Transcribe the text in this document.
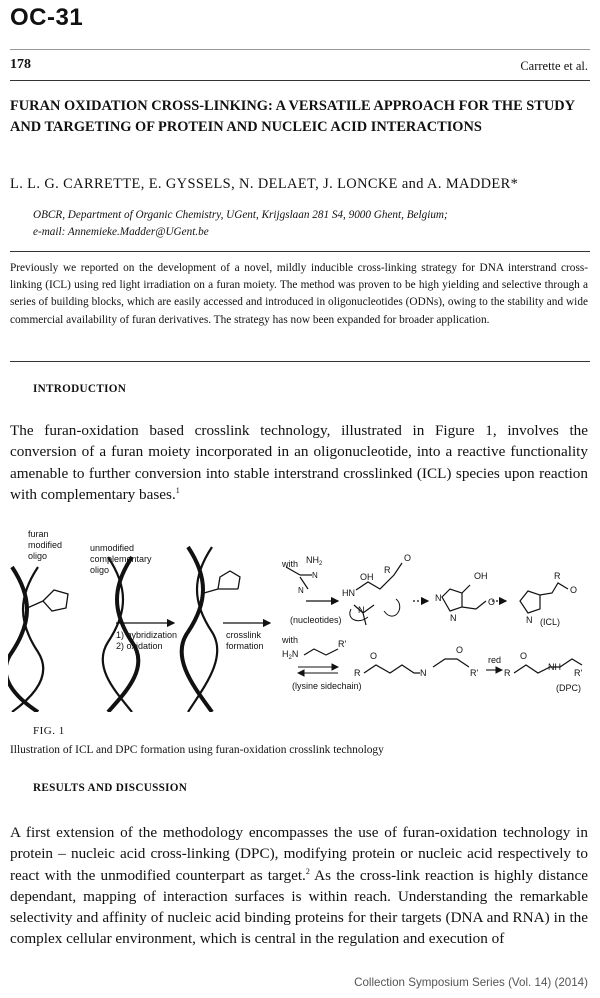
OC-31
178	Carrette et al.
FURAN OXIDATION CROSS-LINKING: A VERSATILE APPROACH FOR THE STUDY AND TARGETING OF PROTEIN AND NUCLEIC ACID INTERACTIONS
L. L. G. CARRETTE, E. GYSSELS, N. DELAET, J. LONCKE and A. MADDER*
OBCR, Department of Organic Chemistry, UGent, Krijgslaan 281 S4, 9000 Ghent, Belgium;
e-mail: Annemieke.Madder@UGent.be
Previously we reported on the development of a novel, mildly inducible cross-linking strategy for DNA interstrand cross-linking (ICL) using red light irradiation on a furan moiety. The method was proven to be high yielding and selective through a series of building blocks, which are easily accessed and introduced in oligonucleotides (ODNs), owing to the stability and wide commercial availability of furan derivatives. The strategy has now been expanded for broader application.
INTRODUCTION
The furan-oxidation based crosslink technology, illustrated in Figure 1, involves the conversion of a furan moiety incorporated in an oligonucleotide, into a reactive functionality amenable to further conversion into stable interstrand crosslinked (ICL) species upon reaction with complementary bases.$^1$
furan
modified
oligo
unmodified
complementary
oligo
1) hybridization
2) oxidation
crosslink
formation
with $NH_2$
(nucleotides)
N
N	HN
N
OH
R
O
OH
N
N
O
N
R
O
(ICL)
with
$H_2N$
R'
(lysine sidechain)
R
O
N	R'
O
red
R
O
NH
R'
(DPC)
FIG. 1
Illustration of ICL and DPC formation using furan-oxidation crosslink technology
RESULTS AND DISCUSSION
A first extension of the methodology encompasses the use of furan-oxidation technology in protein – nucleic acid cross-linking (DPC), modifying protein or nucleic acid respectively to react with the unmodified counterpart as target.$^2$ As the cross-link reaction is highly distance dependant, mapping of interaction surfaces is within reach. Understanding the remarkable selectivity and affinity of nucleic acid binding proteins for their targets (DNA and RNA) in the complex cellular environment, which is central in the regulation and execution of
Collection Symposium Series (Vol. 14) (2014)
